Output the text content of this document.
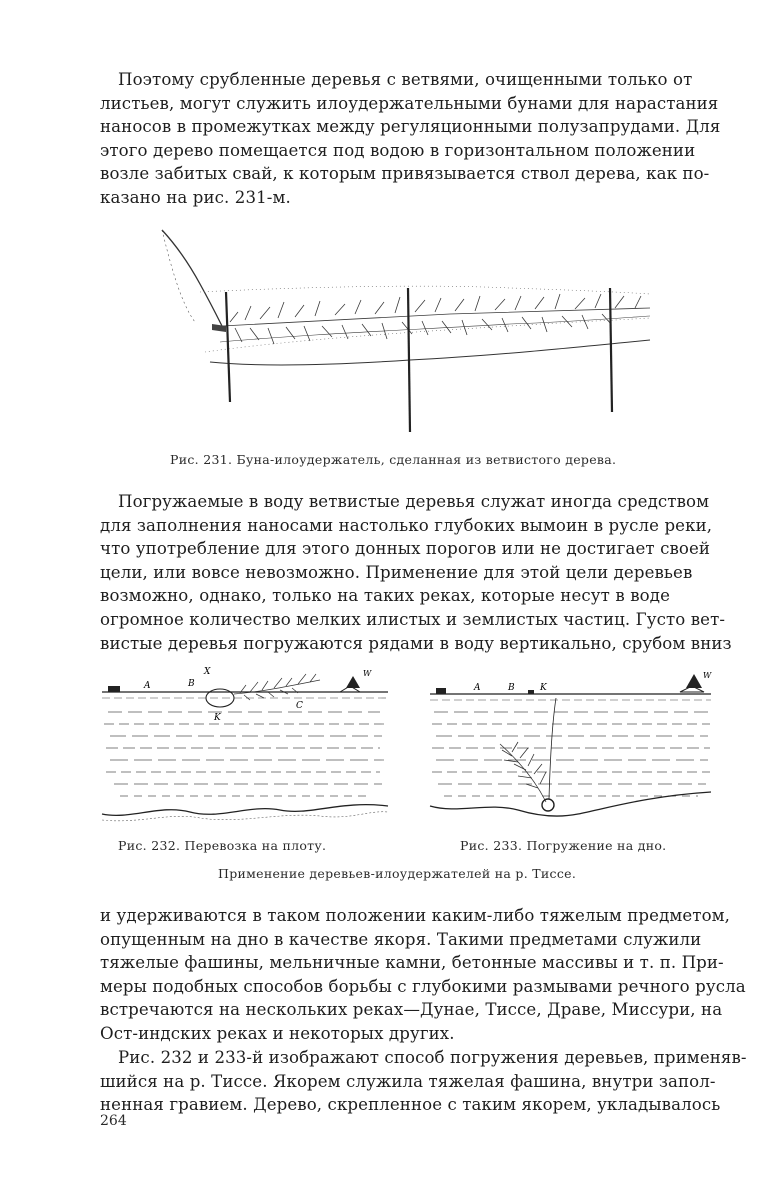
Поэтому срубленные деревья с ветвями, очищенными только от
листьев, могут служить илоудержательными бунами для нарастания
наносов в промежутках между регуляционными полузапрудами. Для
этого дерево помещается под водою в горизонтальном положении
возле забитых свай, к которым привязывается ствол дерева, как по-
казано на рис. 231-м.
Рис. 231. Буна-илоудержатель, сделанная из ветвистого дерева.
Погружаемые в воду ветвистые деревья служат иногда средством
для заполнения наносами настолько глубоких вымоин в русле реки,
что употребление для этого донных порогов или не достигает своей
цели, или вовсе невозможно. Применение для этой цели деревьев
возможно, однако, только на таких реках, которые несут в воде
огромное количество мелких илистых и землистых частиц. Густо вет-
вистые деревья погружаются рядами в воду вертикально, срубом вниз
A	B
C
K
X	W
A	B	K
W
Рис. 232. Перевозка на плоту.	Рис. 233. Погружение на дно.
Применение деревьев-илоудержателей на р. Тиссе.
и удерживаются в таком положении каким-либо тяжелым предметом,
опущенным на дно в качестве якоря. Такими предметами служили
тяжелые фашины, мельничные камни, бетонные массивы и т. п. При-
меры подобных способов борьбы с глубокими размывами речного русла
встречаются на нескольких реках—Дунае, Тиссе, Драве, Миссури, на
Ост-индских реках и некоторых других.
Рис. 232 и 233-й изображают способ погружения деревьев, применяв-
шийся на р. Тиссе. Якорем служила тяжелая фашина, внутри запол-
ненная гравием. Дерево, скрепленное с таким якорем, укладывалось
264
